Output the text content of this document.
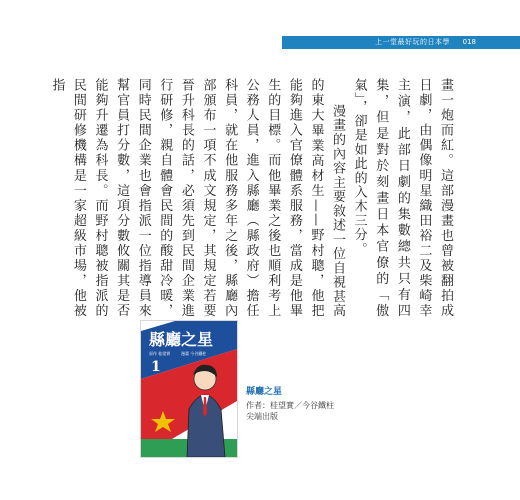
上一堂最好玩的日本學 018

畫一炮而紅。這部漫畫也曾被翻拍成日劇，由偶像明星織田裕二及柴崎幸主演，此部日劇的集數總共只有四集，但是對於刻畫日本官僚的「傲氣」，卻是如此的入木三分。

漫畫的內容主要敘述一位自視甚高的東大畢業高材生——野村聰，他把能夠進入官僚體系服務，當成是他畢生的目標。而他畢業之後也順利考上公務人員，進入縣廳（縣政府）擔任科員，就在他服務多年之後，縣廳內部頒布一項不成文規定，其規定若要晉升科長的話，必須先到民間企業進行研修，親自體會民間的酸甜冷暖，同時民間企業也會指派一位指導員來幫官員打分數，這項分數攸關其是否能夠升遷為科長。而野村聰被指派的民間研修機構是一家超級市場，他被指

縣廳之星
原作 桂望實	漫畫 今谷鐵柱
1
縣廳之星
作者：桂望實／今谷鐵柱
尖端出版
